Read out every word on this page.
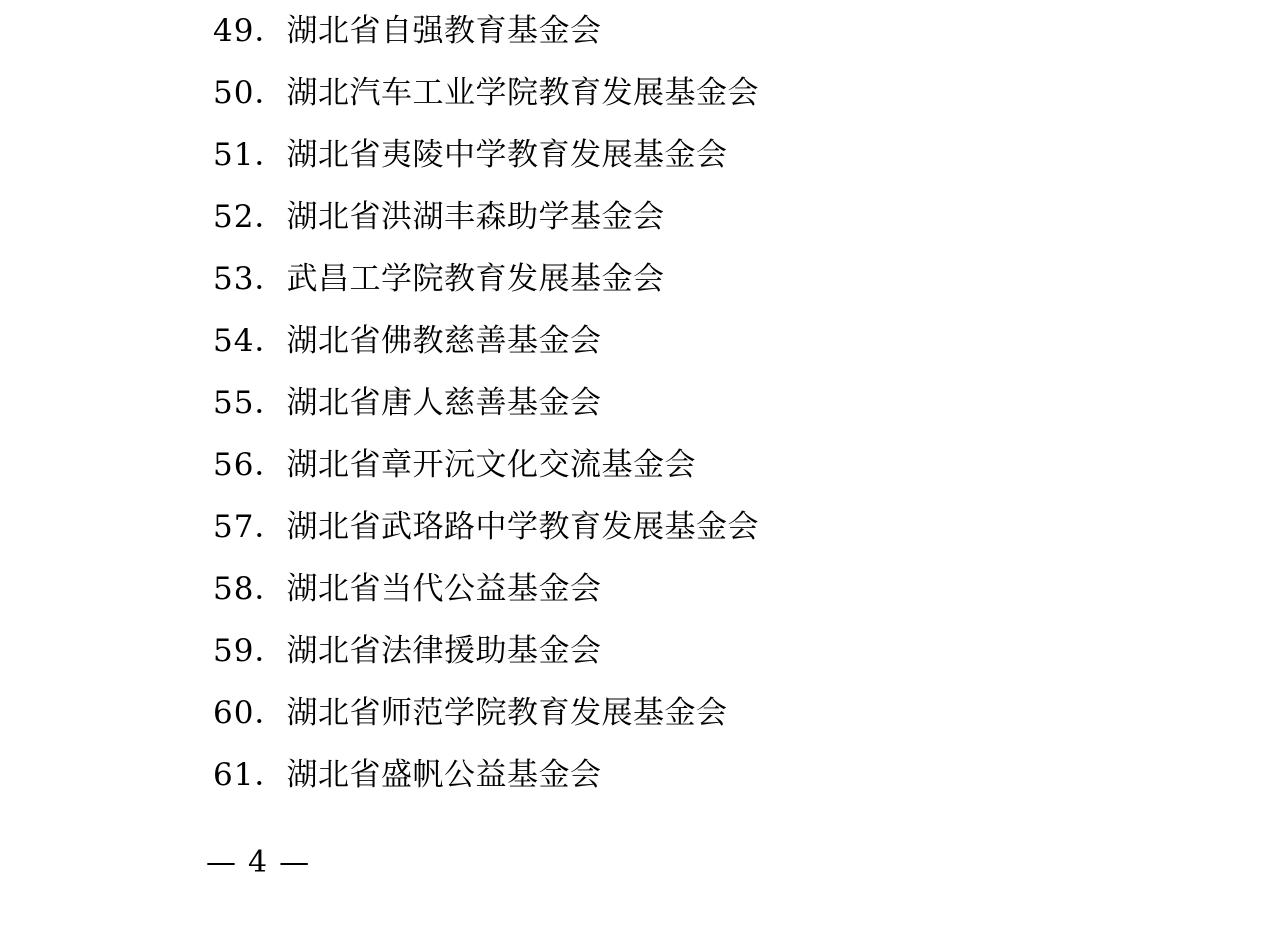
49． 湖北省自强教育基金会
50． 湖北汽车工业学院教育发展基金会
51． 湖北省夷陵中学教育发展基金会
52． 湖北省洪湖丰森助学基金会
53． 武昌工学院教育发展基金会
54． 湖北省佛教慈善基金会
55． 湖北省唐人慈善基金会
56． 湖北省章开沅文化交流基金会
57． 湖北省武珞路中学教育发展基金会
58． 湖北省当代公益基金会
59． 湖北省法律援助基金会
60． 湖北省师范学院教育发展基金会
61． 湖北省盛帆公益基金会
— 4 —
